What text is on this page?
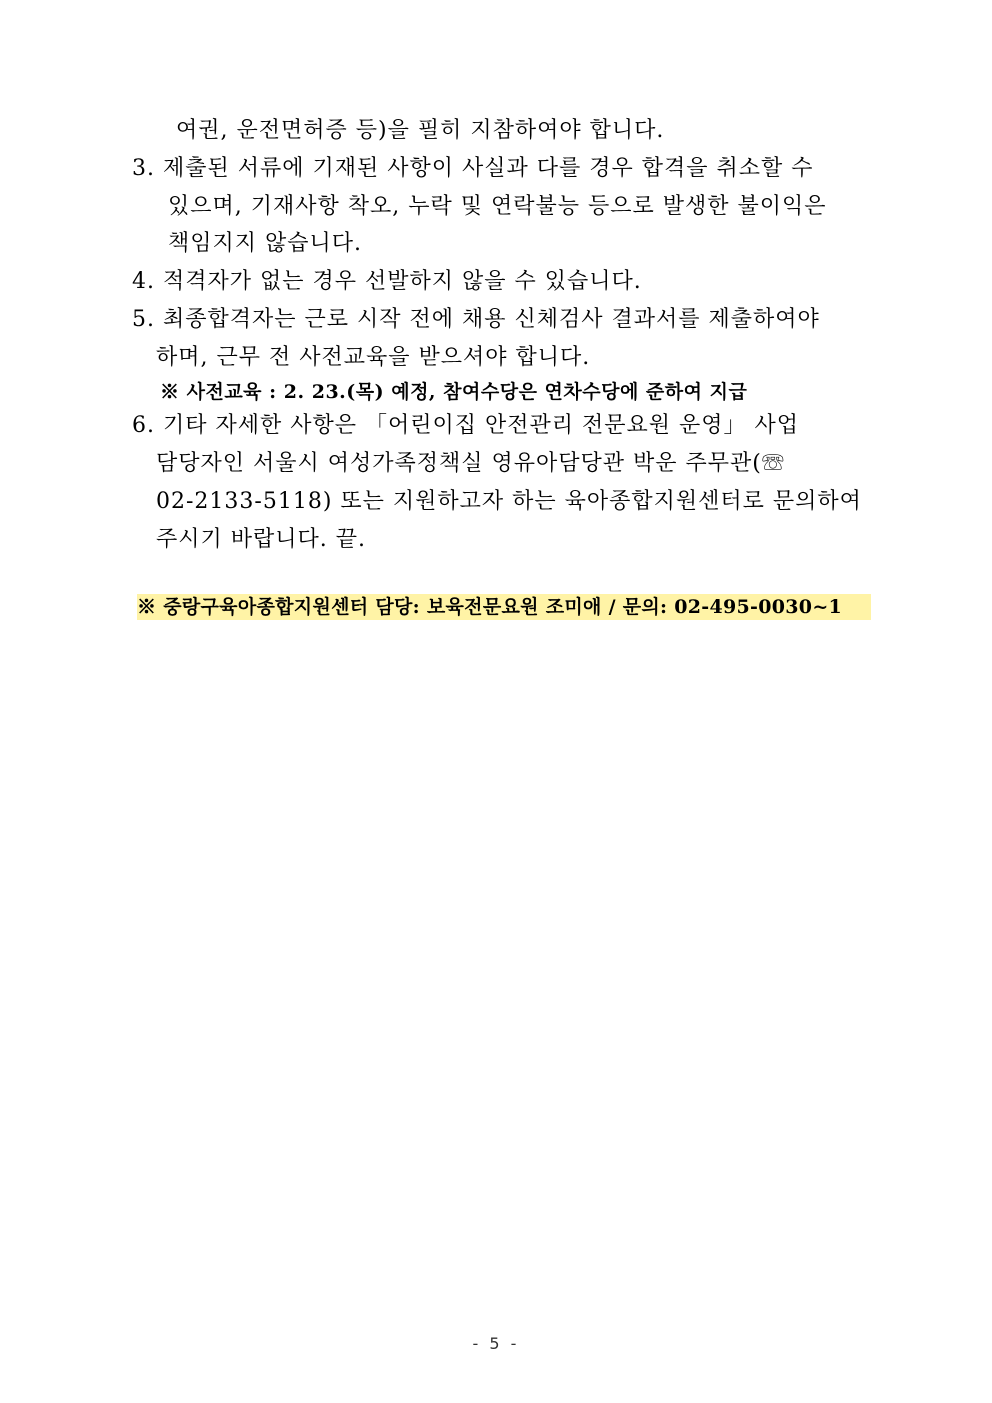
여권, 운전면허증 등)을 필히 지참하여야 합니다.
3. 제출된 서류에 기재된 사항이 사실과 다를 경우 합격을 취소할 수
있으며, 기재사항 착오, 누락 및 연락불능 등으로 발생한 불이익은
책임지지 않습니다.
4. 적격자가 없는 경우 선발하지 않을 수 있습니다.
5. 최종합격자는 근로 시작 전에 채용 신체검사 결과서를 제출하여야
하며, 근무 전 사전교육을 받으셔야 합니다.
※ 사전교육 : 2. 23.(목) 예정, 참여수당은 연차수당에 준하여 지급
6. 기타 자세한 사항은 「어린이집 안전관리 전문요원 운영」 사업
담당자인 서울시 여성가족정책실 영유아담당관 박운 주무관(☏
02-2133-5118) 또는 지원하고자 하는 육아종합지원센터로 문의하여
주시기 바랍니다. 끝.
※ 중랑구육아종합지원센터 담당: 보육전문요원 조미애 / 문의: 02-495-0030~1
- 5 -
